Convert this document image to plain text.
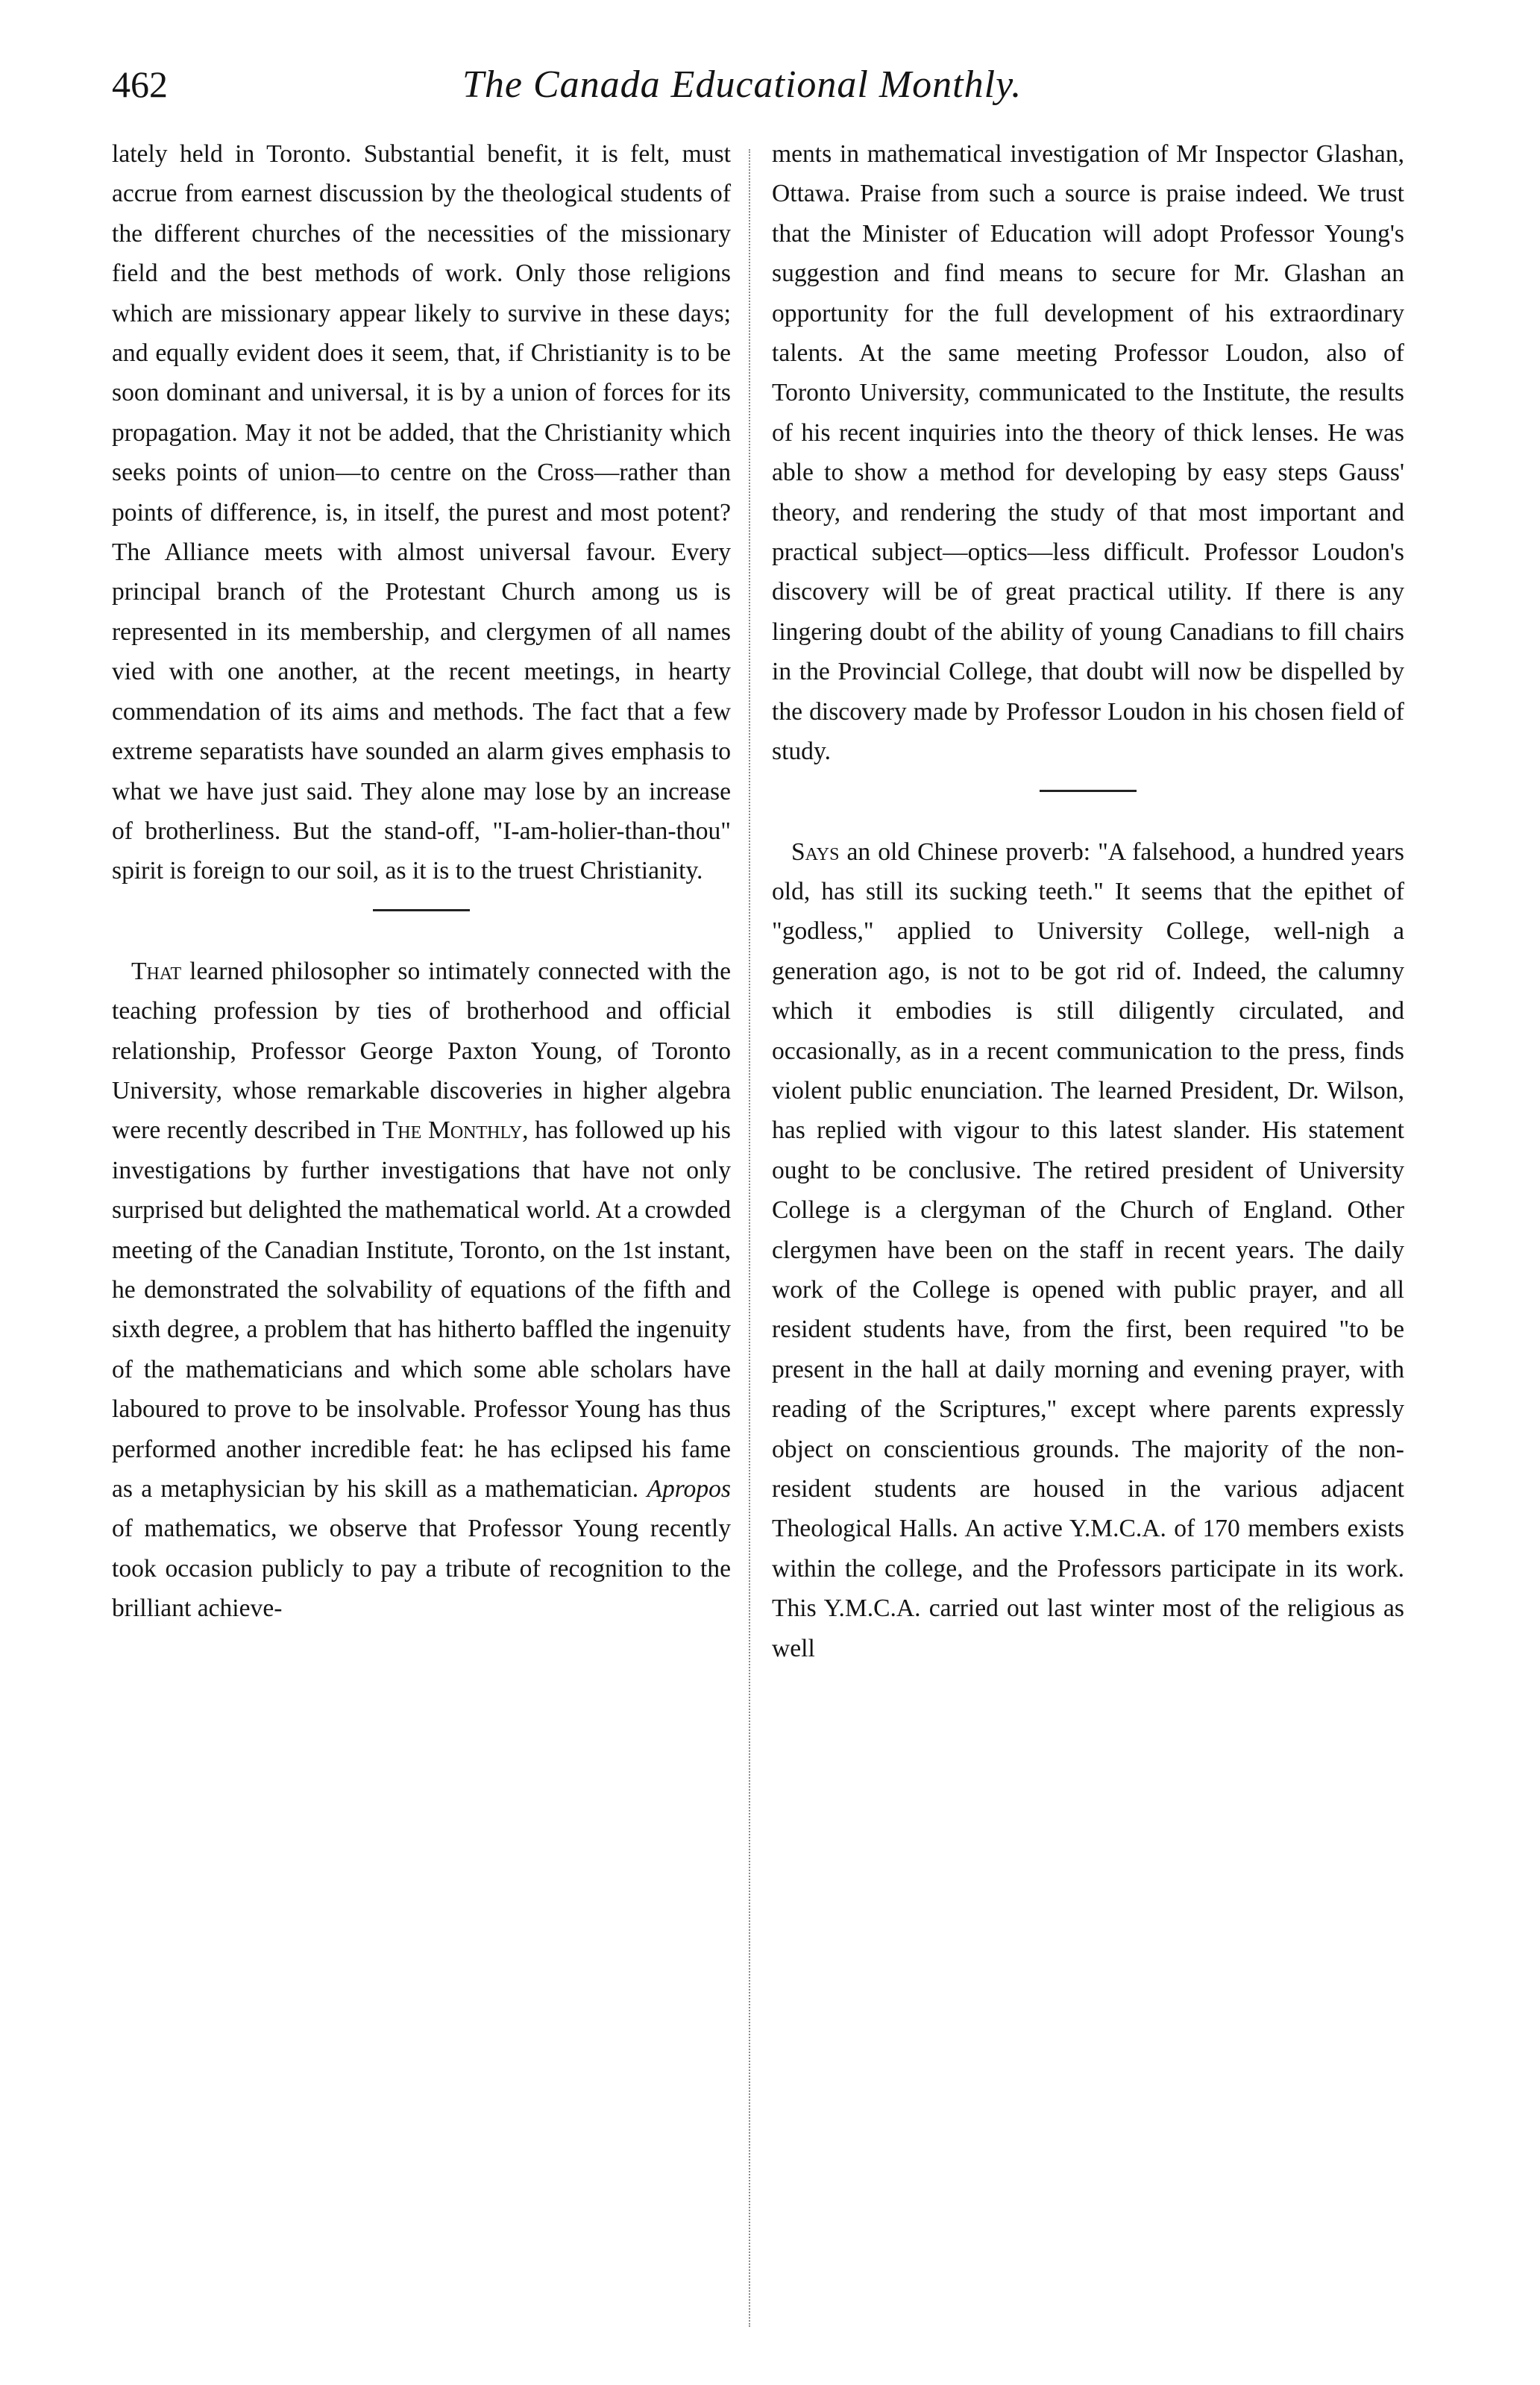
462	The Canada Educational Monthly.

lately held in Toronto. Substantial benefit, it is felt, must accrue from earnest discussion by the theological students of the different churches of the necessities of the missionary field and the best methods of work. Only those religions which are missionary appear likely to survive in these days; and equally evident does it seem, that, if Christianity is to be soon dominant and universal, it is by a union of forces for its propagation. May it not be added, that the Christianity which seeks points of union—to centre on the Cross—rather than points of difference, is, in itself, the purest and most potent? The Alliance meets with almost universal favour. Every principal branch of the Protestant Church among us is represented in its membership, and clergymen of all names vied with one another, at the recent meetings, in hearty commendation of its aims and methods. The fact that a few extreme separatists have sounded an alarm gives emphasis to what we have just said. They alone may lose by an increase of brotherliness. But the stand-off, "I-am-holier-than-thou" spirit is foreign to our soil, as it is to the truest Christianity.

That learned philosopher so intimately connected with the teaching profession by ties of brotherhood and official relationship, Professor George Paxton Young, of Toronto University, whose remarkable discoveries in higher algebra were recently described in The Monthly, has followed up his investigations by further investigations that have not only surprised but delighted the mathematical world. At a crowded meeting of the Canadian Institute, Toronto, on the 1st instant, he demonstrated the solvability of equations of the fifth and sixth degree, a problem that has hitherto baffled the ingenuity of the mathematicians and which some able scholars have laboured to prove to be insolvable. Professor Young has thus performed another incredible feat: he has eclipsed his fame as a metaphysician by his skill as a mathematician. Apropos of mathematics, we observe that Professor Young recently took occasion publicly to pay a tribute of recognition to the brilliant achieve-

ments in mathematical investigation of Mr Inspector Glashan, Ottawa. Praise from such a source is praise indeed. We trust that the Minister of Education will adopt Professor Young's suggestion and find means to secure for Mr. Glashan an opportunity for the full development of his extraordinary talents. At the same meeting Professor Loudon, also of Toronto University, communicated to the Institute, the results of his recent inquiries into the theory of thick lenses. He was able to show a method for developing by easy steps Gauss' theory, and rendering the study of that most important and practical subject—optics—less difficult. Professor Loudon's discovery will be of great practical utility. If there is any lingering doubt of the ability of young Canadians to fill chairs in the Provincial College, that doubt will now be dispelled by the discovery made by Professor Loudon in his chosen field of study.

Says an old Chinese proverb: "A falsehood, a hundred years old, has still its sucking teeth." It seems that the epithet of "godless," applied to University College, well-nigh a generation ago, is not to be got rid of. Indeed, the calumny which it embodies is still diligently circulated, and occasionally, as in a recent communication to the press, finds violent public enunciation. The learned President, Dr. Wilson, has replied with vigour to this latest slander. His statement ought to be conclusive. The retired president of University College is a clergyman of the Church of England. Other clergymen have been on the staff in recent years. The daily work of the College is opened with public prayer, and all resident students have, from the first, been required "to be present in the hall at daily morning and evening prayer, with reading of the Scriptures," except where parents expressly object on conscientious grounds. The majority of the non-resident students are housed in the various adjacent Theological Halls. An active Y.M.C.A. of 170 members exists within the college, and the Professors participate in its work. This Y.M.C.A. carried out last winter most of the religious as well
